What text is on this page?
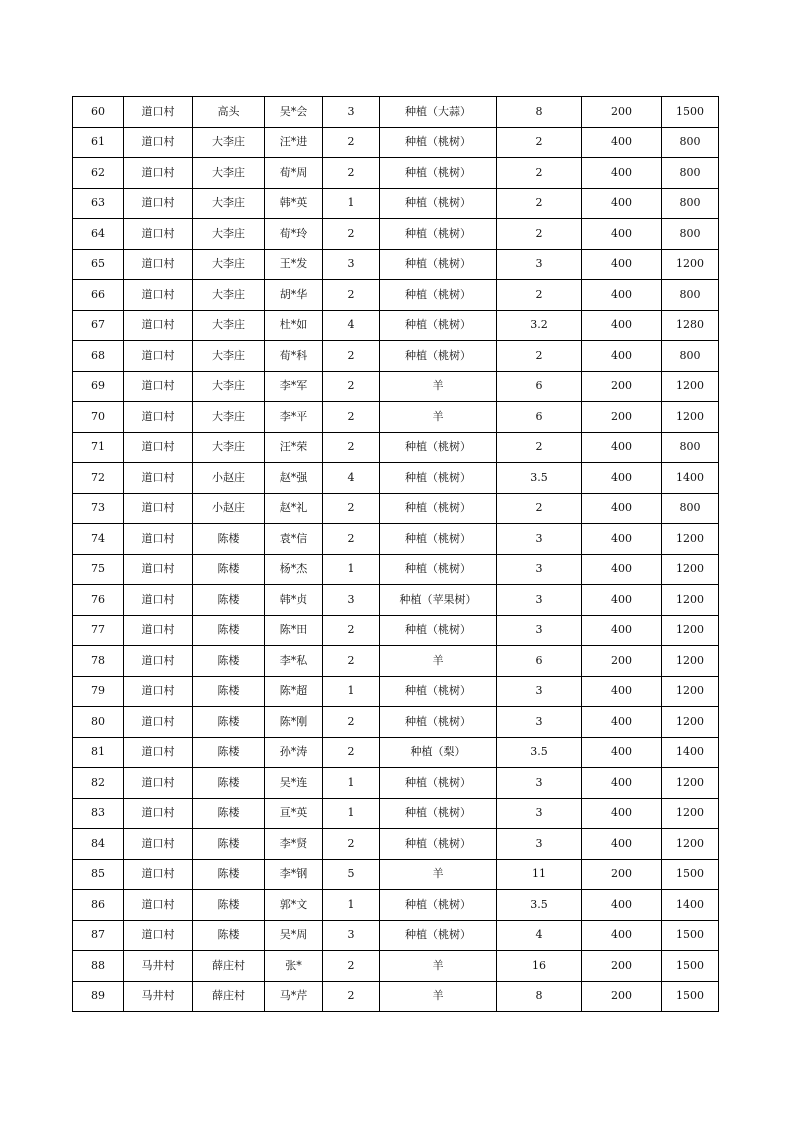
60	道口村	高头	吴*会	3	种植（大蒜）	8	200	1500
61	道口村	大李庄	汪*进	2	种植（桃树）	2	400	800
62	道口村	大李庄	荀*周	2	种植（桃树）	2	400	800
63	道口村	大李庄	韩*英	1	种植（桃树）	2	400	800
64	道口村	大李庄	荀*玲	2	种植（桃树）	2	400	800
65	道口村	大李庄	王*发	3	种植（桃树）	3	400	1200
66	道口村	大李庄	胡*华	2	种植（桃树）	2	400	800
67	道口村	大李庄	杜*如	4	种植（桃树）	3.2	400	1280
68	道口村	大李庄	荀*科	2	种植（桃树）	2	400	800
69	道口村	大李庄	李*军	2	羊	6	200	1200
70	道口村	大李庄	李*平	2	羊	6	200	1200
71	道口村	大李庄	汪*荣	2	种植（桃树）	2	400	800
72	道口村	小赵庄	赵*强	4	种植（桃树）	3.5	400	1400
73	道口村	小赵庄	赵*礼	2	种植（桃树）	2	400	800
74	道口村	陈楼	袁*信	2	种植（桃树）	3	400	1200
75	道口村	陈楼	杨*杰	1	种植（桃树）	3	400	1200
76	道口村	陈楼	韩*贞	3	种植（苹果树）	3	400	1200
77	道口村	陈楼	陈*田	2	种植（桃树）	3	400	1200
78	道口村	陈楼	李*私	2	羊	6	200	1200
79	道口村	陈楼	陈*超	1	种植（桃树）	3	400	1200
80	道口村	陈楼	陈*刚	2	种植（桃树）	3	400	1200
81	道口村	陈楼	孙*涛	2	种植（梨）	3.5	400	1400
82	道口村	陈楼	吴*连	1	种植（桃树）	3	400	1200
83	道口村	陈楼	亘*英	1	种植（桃树）	3	400	1200
84	道口村	陈楼	李*贤	2	种植（桃树）	3	400	1200
85	道口村	陈楼	李*钢	5	羊	11	200	1500
86	道口村	陈楼	郭*文	1	种植（桃树）	3.5	400	1400
87	道口村	陈楼	吴*周	3	种植（桃树）	4	400	1500
88	马井村	薛庄村	张*	2	羊	16	200	1500
89	马井村	薛庄村	马*芹	2	羊	8	200	1500
